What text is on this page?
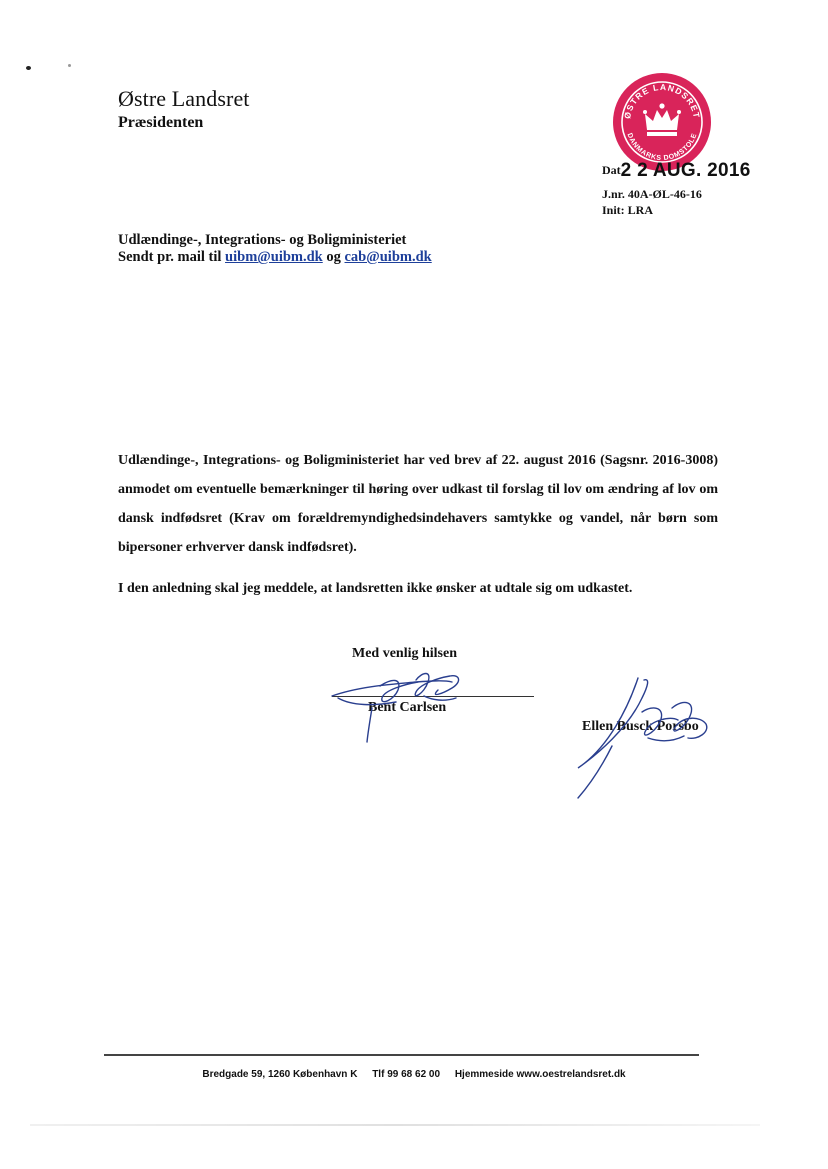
Østre Landsret
Præsidenten	ØSTRE LANDSRET
DANMARKS DOMSTOLE
Dat2 2 AUG. 2016
J.nr. 40A-ØL-46-16
Init: LRA
Udlændinge-, Integrations- og Boligministeriet
Sendt pr. mail til uibm@uibm.dk og cab@uibm.dk
Udlændinge-, Integrations- og Boligministeriet har ved brev af 22. august 2016 (Sagsnr. 2016-3008) anmodet om eventuelle bemærkninger til høring over udkast til forslag til lov om ændring af lov om dansk indfødsret (Krav om forældremyndighedsindehavers samtykke og vandel, når børn som bipersoner erhverver dansk indfødsret).
I den anledning skal jeg meddele, at landsretten ikke ønsker at udtale sig om udkastet.
Med venlig hilsen
Bent Carlsen
Ellen Busck Porsbo
Bredgade 59, 1260 København K Tlf 99 68 62 00 Hjemmeside www.oestrelandsret.dk
